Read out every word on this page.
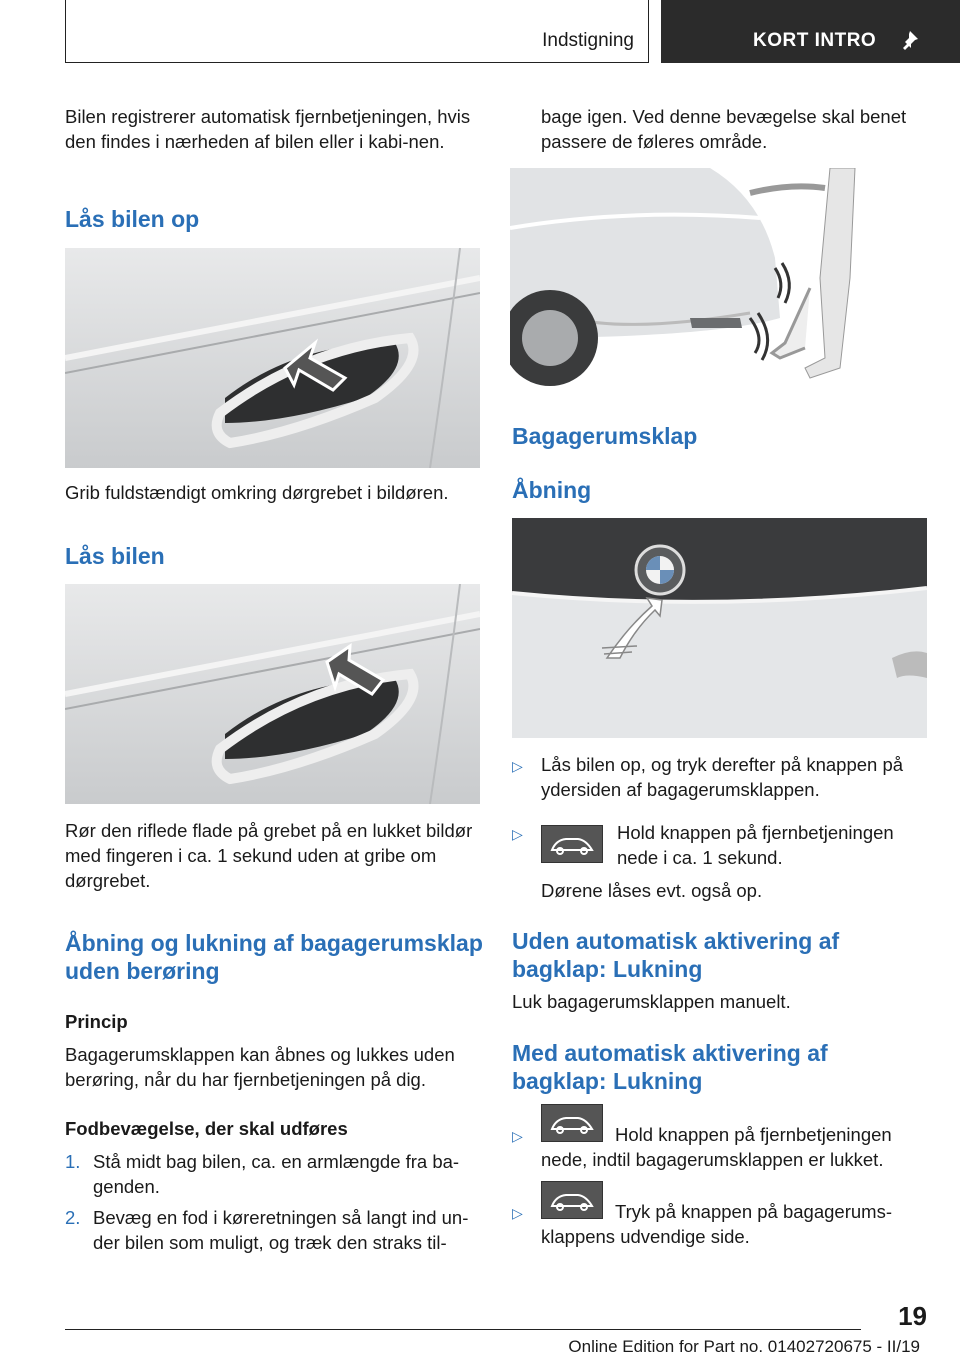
Indstigning	KORT INTRO
Bilen registrerer automatisk fjernbetjeningen, hvis den findes i nærheden af bilen eller i kabi-nen.
Lås bilen op
Grib fuldstændigt omkring dørgrebet i bildøren.
Lås bilen
Rør den riflede flade på grebet på en lukket bildør med fingeren i ca. 1 sekund uden at gribe om dørgrebet.
Åbning og lukning af bagagerumsklap uden berøring
Princip
Bagagerumsklappen kan åbnes og lukkes uden berøring, når du har fjernbetjeningen på dig.
Fodbevægelse, der skal udføres
1. Stå midt bag bilen, ca. en armlængde fra ba-genden.
2. Bevæg en fod i køreretningen så langt ind un-der bilen som muligt, og træk den straks til-
bage igen. Ved denne bevægelse skal benet passere de føleres område.
Bagagerumsklap
Åbning
▷ Lås bilen op, og tryk derefter på knappen på ydersiden af bagagerumsklappen.
▷	Hold knappen på fjernbetjeningen nede i ca. 1 sekund.
Dørene låses evt. også op.
Uden automatisk aktivering af bagklap: Lukning
Luk bagagerumsklappen manuelt.
Med automatisk aktivering af bagklap: Lukning
▷	Hold knappen på fjernbetjeningen nede, indtil bagagerumsklappen er lukket.
▷	Tryk på knappen på bagagerums-klappens udvendige side.
19
Online Edition for Part no. 01402720675 - II/19
